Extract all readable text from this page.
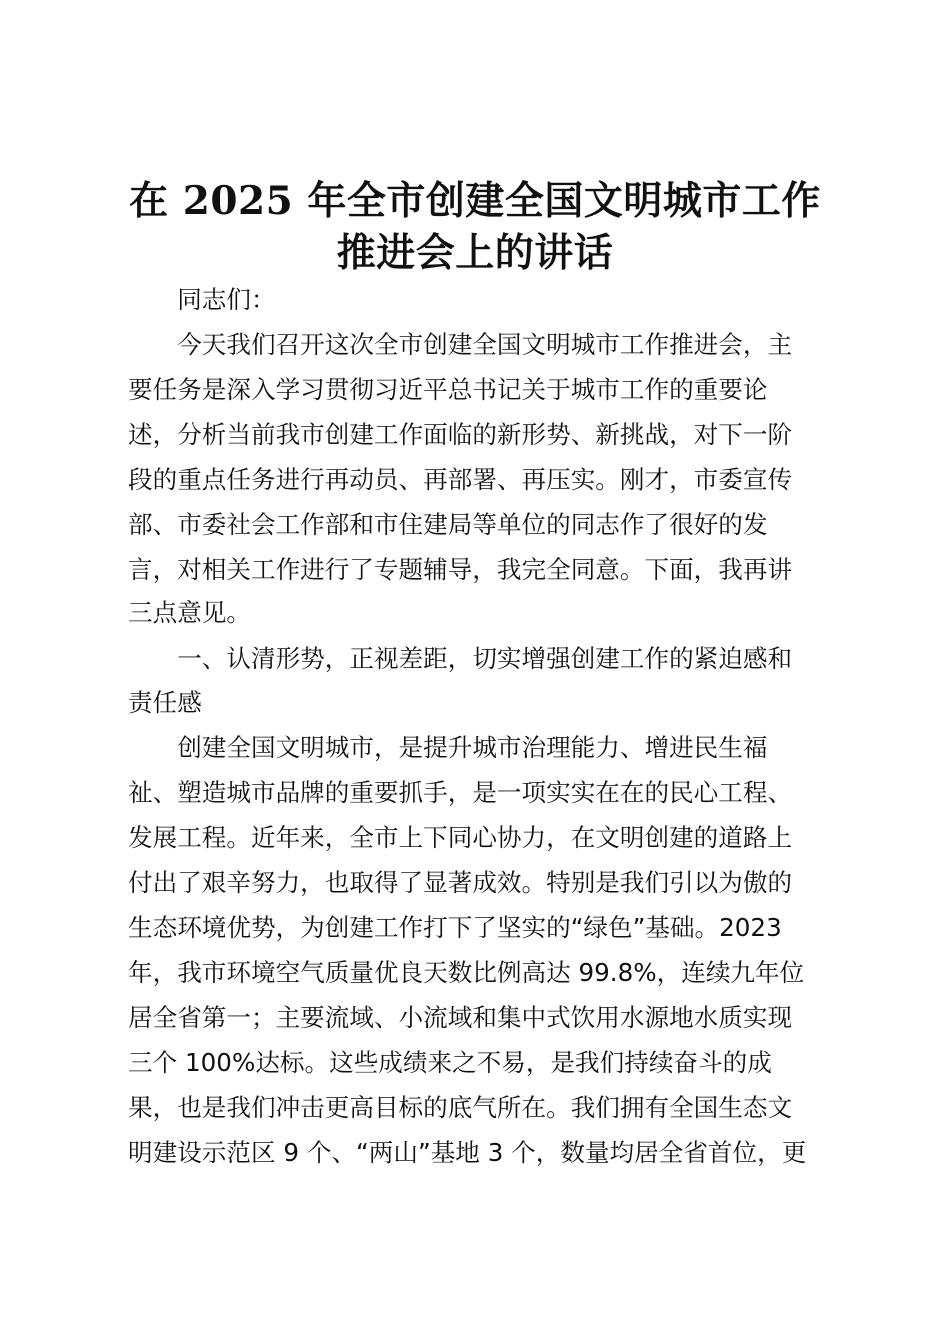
在 2025 年全市创建全国文明城市工作
推进会上的讲话
　　同志们：
　　今天我们召开这次全市创建全国文明城市工作推进会，主
要任务是深入学习贯彻习近平总书记关于城市工作的重要论
述，分析当前我市创建工作面临的新形势、新挑战，对下一阶
段的重点任务进行再动员、再部署、再压实。刚才，市委宣传
部、市委社会工作部和市住建局等单位的同志作了很好的发
言，对相关工作进行了专题辅导，我完全同意。下面，我再讲
三点意见。
　　一、认清形势，正视差距，切实增强创建工作的紧迫感和
责任感
　　创建全国文明城市，是提升城市治理能力、增进民生福
祉、塑造城市品牌的重要抓手，是一项实实在在的民心工程、
发展工程。近年来，全市上下同心协力，在文明创建的道路上
付出了艰辛努力，也取得了显著成效。特别是我们引以为傲的
生态环境优势，为创建工作打下了坚实的“绿色”基础。2023
年，我市环境空气质量优良天数比例高达 99.8%，连续九年位
居全省第一；主要流域、小流域和集中式饮用水源地水质实现
三个 100%达标。这些成绩来之不易，是我们持续奋斗的成
果，也是我们冲击更高目标的底气所在。我们拥有全国生态文
明建设示范区 9 个、“两山”基地 3 个，数量均居全省首位，更
